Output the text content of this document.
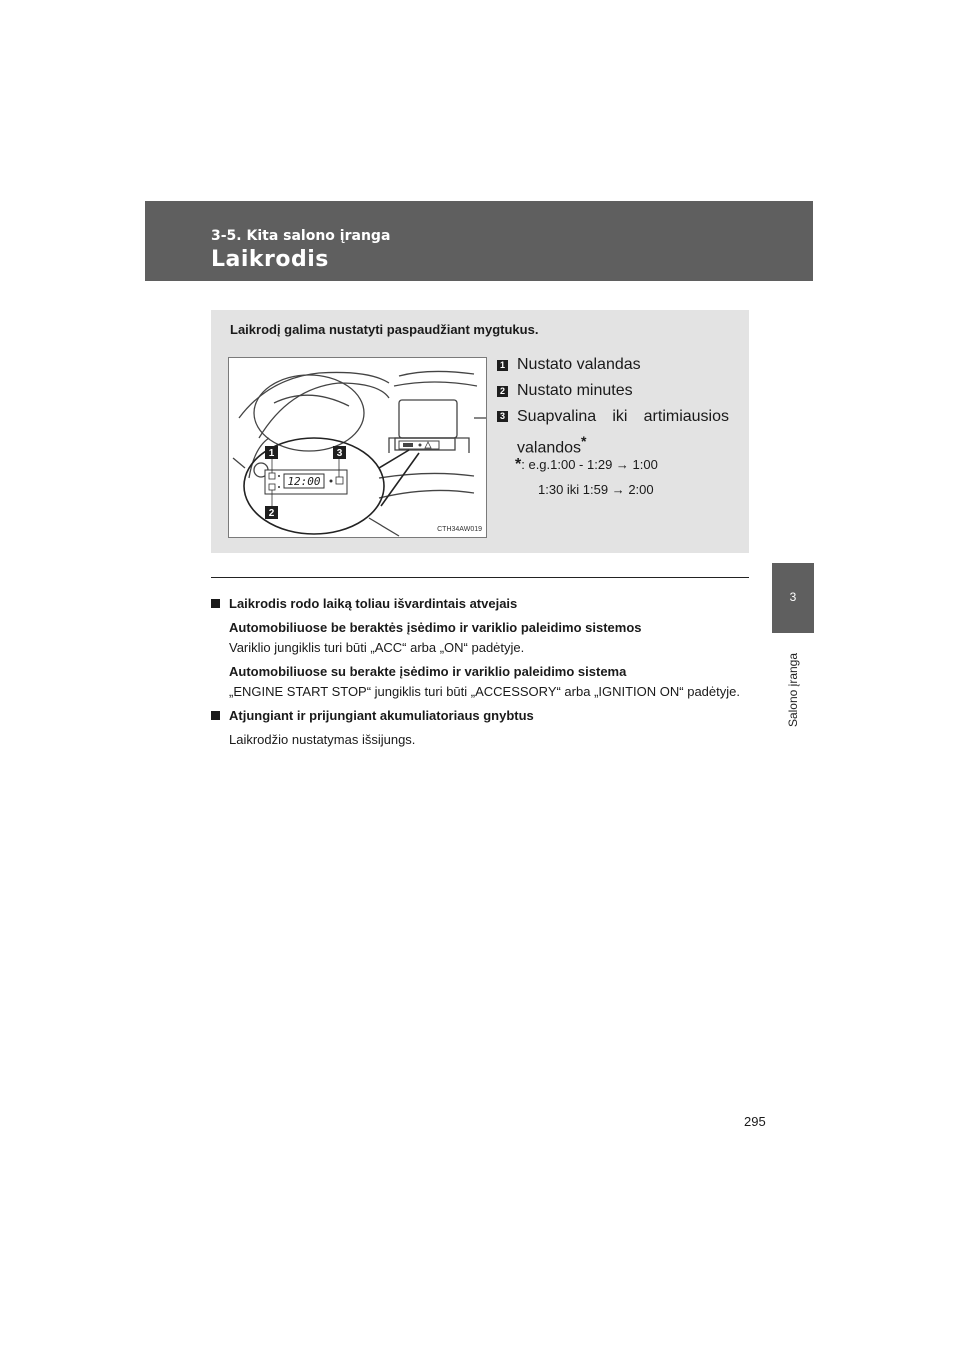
3-5. Kita salono įranga
Laikrodis
3
Salono įranga
Laikrodį galima nustatyti paspaudžiant mygtukus.
1
2
3
12:00
CTH34AW019
1 Nustato valandas
2 Nustato minutes
3 Suapvalina iki artimiausios valandos*
*: e.g.1:00 - 1:29 → 1:00
1:30 iki 1:59 → 2:00

Laikrodis rodo laiką toliau išvardintais atvejais

Automobiliuose be beraktės įsėdimo ir variklio paleidimo sistemos

Variklio jungiklis turi būti „ACC“ arba „ON“ padėtyje.

Automobiliuose su berakte įsėdimo ir variklio paleidimo sistema

„ENGINE START STOP“ jungiklis turi būti „ACCESSORY“ arba „IGNITION ON“ padėtyje.

Atjungiant ir prijungiant akumuliatoriaus gnybtus

Laikrodžio nustatymas išsijungs.

295
